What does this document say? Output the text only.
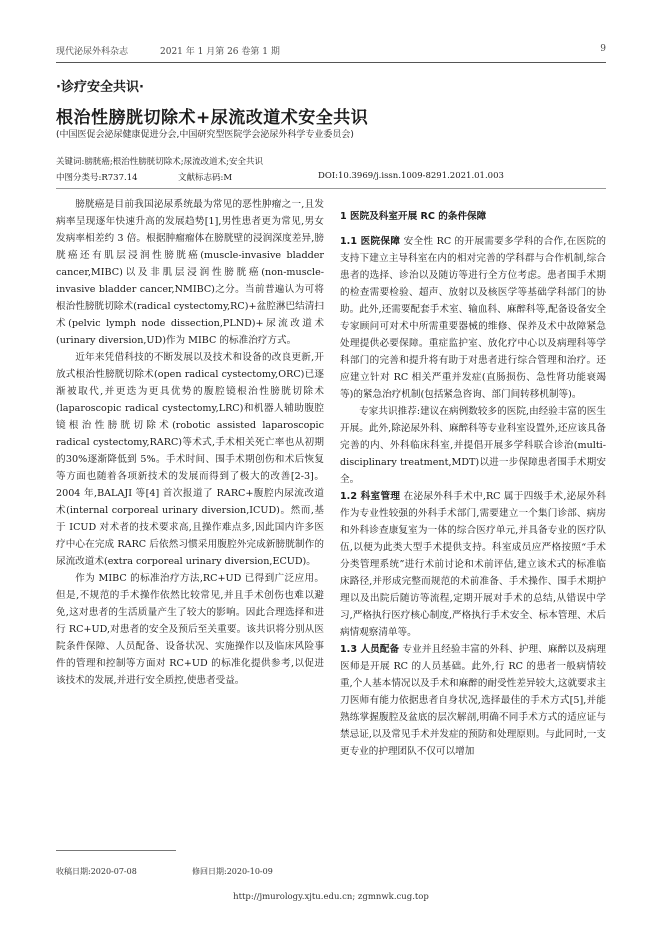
现代泌尿外科杂志	2021 年 1 月第 26 卷第 1 期	9
·诊疗安全共识·
根治性膀胱切除术+尿流改道术安全共识
(中国医促会泌尿健康促进分会,中国研究型医院学会泌尿外科学专业委员会)
关键词:膀胱癌;根治性膀胱切除术;尿流改道术;安全共识
中图分类号:R737.14	文献标志码:M	DOI:10.3969/j.issn.1009-8291.2021.01.003

膀胱癌是目前我国泌尿系统最为常见的恶性肿瘤之一,且发病率呈现逐年快速升高的发展趋势[1],男性患者更为常见,男女发病率相差约 3 倍。根据肿瘤瘤体在膀胱壁的浸润深度差异,膀胱癌还有肌层浸润性膀胱癌(muscle-invasive bladder cancer,MIBC)以及非肌层浸润性膀胱癌(non-muscle-invasive bladder cancer,NMIBC)之分。当前普遍认为可将根治性膀胱切除术(radical cystectomy,RC)+盆腔淋巴结清扫术(pelvic lymph node dissection,PLND)+尿流改道术(urinary diversion,UD)作为 MIBC 的标准治疗方式。

近年来凭借科技的不断发展以及技术和设备的改良更新,开放式根治性膀胱切除术(open radical cystectomy,ORC)已逐渐被取代,并更迭为更具优势的腹腔镜根治性膀胱切除术(laparoscopic radical cystectomy,LRC)和机器人辅助腹腔镜根治性膀胱切除术(robotic assisted laparoscopic radical cystectomy,RARC)等术式,手术相关死亡率也从初期的30%逐渐降低到 5%。手术时间、围手术期创伤和术后恢复等方面也随着各项新技术的发展而得到了极大的改善[2-3]。2004 年,BALAJI 等[4] 首次报道了 RARC+腹腔内尿流改道术(internal corporeal urinary diversion,ICUD)。然而,基于 ICUD 对术者的技术要求高,且操作难点多,因此国内许多医疗中心在完成 RARC 后依然习惯采用腹腔外完成新膀胱制作的尿流改道术(extra corporeal urinary diversion,ECUD)。

作为 MIBC 的标准治疗方法,RC+UD 已得到广泛应用。但是,不规范的手术操作依然比较常见,并且手术创伤也难以避免,这对患者的生活质量产生了较大的影响。因此合理选择和进行 RC+UD,对患者的安全及预后至关重要。该共识将分别从医院条件保障、人员配备、设备状况、实施操作以及临床风险事件的管理和控制等方面对 RC+UD 的标准化提供参考,以促进该技术的发展,并进行安全质控,使患者受益。

收稿日期:2020-07-08	修回日期:2020-10-09

1 医院及科室开展 RC 的条件保障

1.1 医院保障 安全性 RC 的开展需要多学科的合作,在医院的支持下建立主导科室在内的相对完善的学科群与合作机制,综合患者的选择、诊治以及随访等进行全方位考虑。患者围手术期的检查需要检验、超声、放射以及核医学等基础学科部门的协助。此外,还需要配套手术室、输血科、麻醉科等,配备设备安全专家顾问可对术中所需重要器械的维修、保养及术中故障紧急处理提供必要保障。重症监护室、放化疗中心以及病理科等学科部门的完善和提升将有助于对患者进行综合管理和治疗。还应建立针对 RC 相关严重并发症(直肠损伤、急性肾功能衰竭等)的紧急治疗机制(包括紧急咨询、部门间转移机制等)。

专家共识推荐:建议在病例数较多的医院,由经验丰富的医生开展。此外,除泌尿外科、麻醉科等专业科室设置外,还应该具备完善的内、外科临床科室,并提倡开展多学科联合诊治(multi-disciplinary treatment,MDT)以进一步保障患者围手术期安全。

1.2 科室管理 在泌尿外科手术中,RC 属于四级手术,泌尿外科作为专业性较强的外科手术部门,需要建立一个集门诊部、病房和外科诊查康复室为一体的综合医疗单元,并具备专业的医疗队伍,以便为此类大型手术提供支持。科室成员应严格按照“手术分类管理系统”进行术前讨论和术前评估,建立该术式的标准临床路径,并形成完整而规范的术前准备、手术操作、围手术期护理以及出院后随访等流程,定期开展对手术的总结,从错误中学习,严格执行医疗核心制度,严格执行手术安全、标本管理、术后病情观察清单等。

1.3 人员配备 专业并且经验丰富的外科、护理、麻醉以及病理医师是开展 RC 的人员基础。此外,行 RC 的患者一般病情较重,个人基本情况以及手术和麻醉的耐受性差异较大,这就要求主刀医师有能力依据患者自身状况,选择最佳的手术方式[5],并能熟练掌握腹腔及盆底的层次解剖,明确不同手术方式的适应证与禁忌证,以及常见手术并发症的预防和处理原则。与此同时,一支更专业的护理团队不仅可以增加

http://jmurology.xjtu.edu.cn; zgmnwk.cug.top
